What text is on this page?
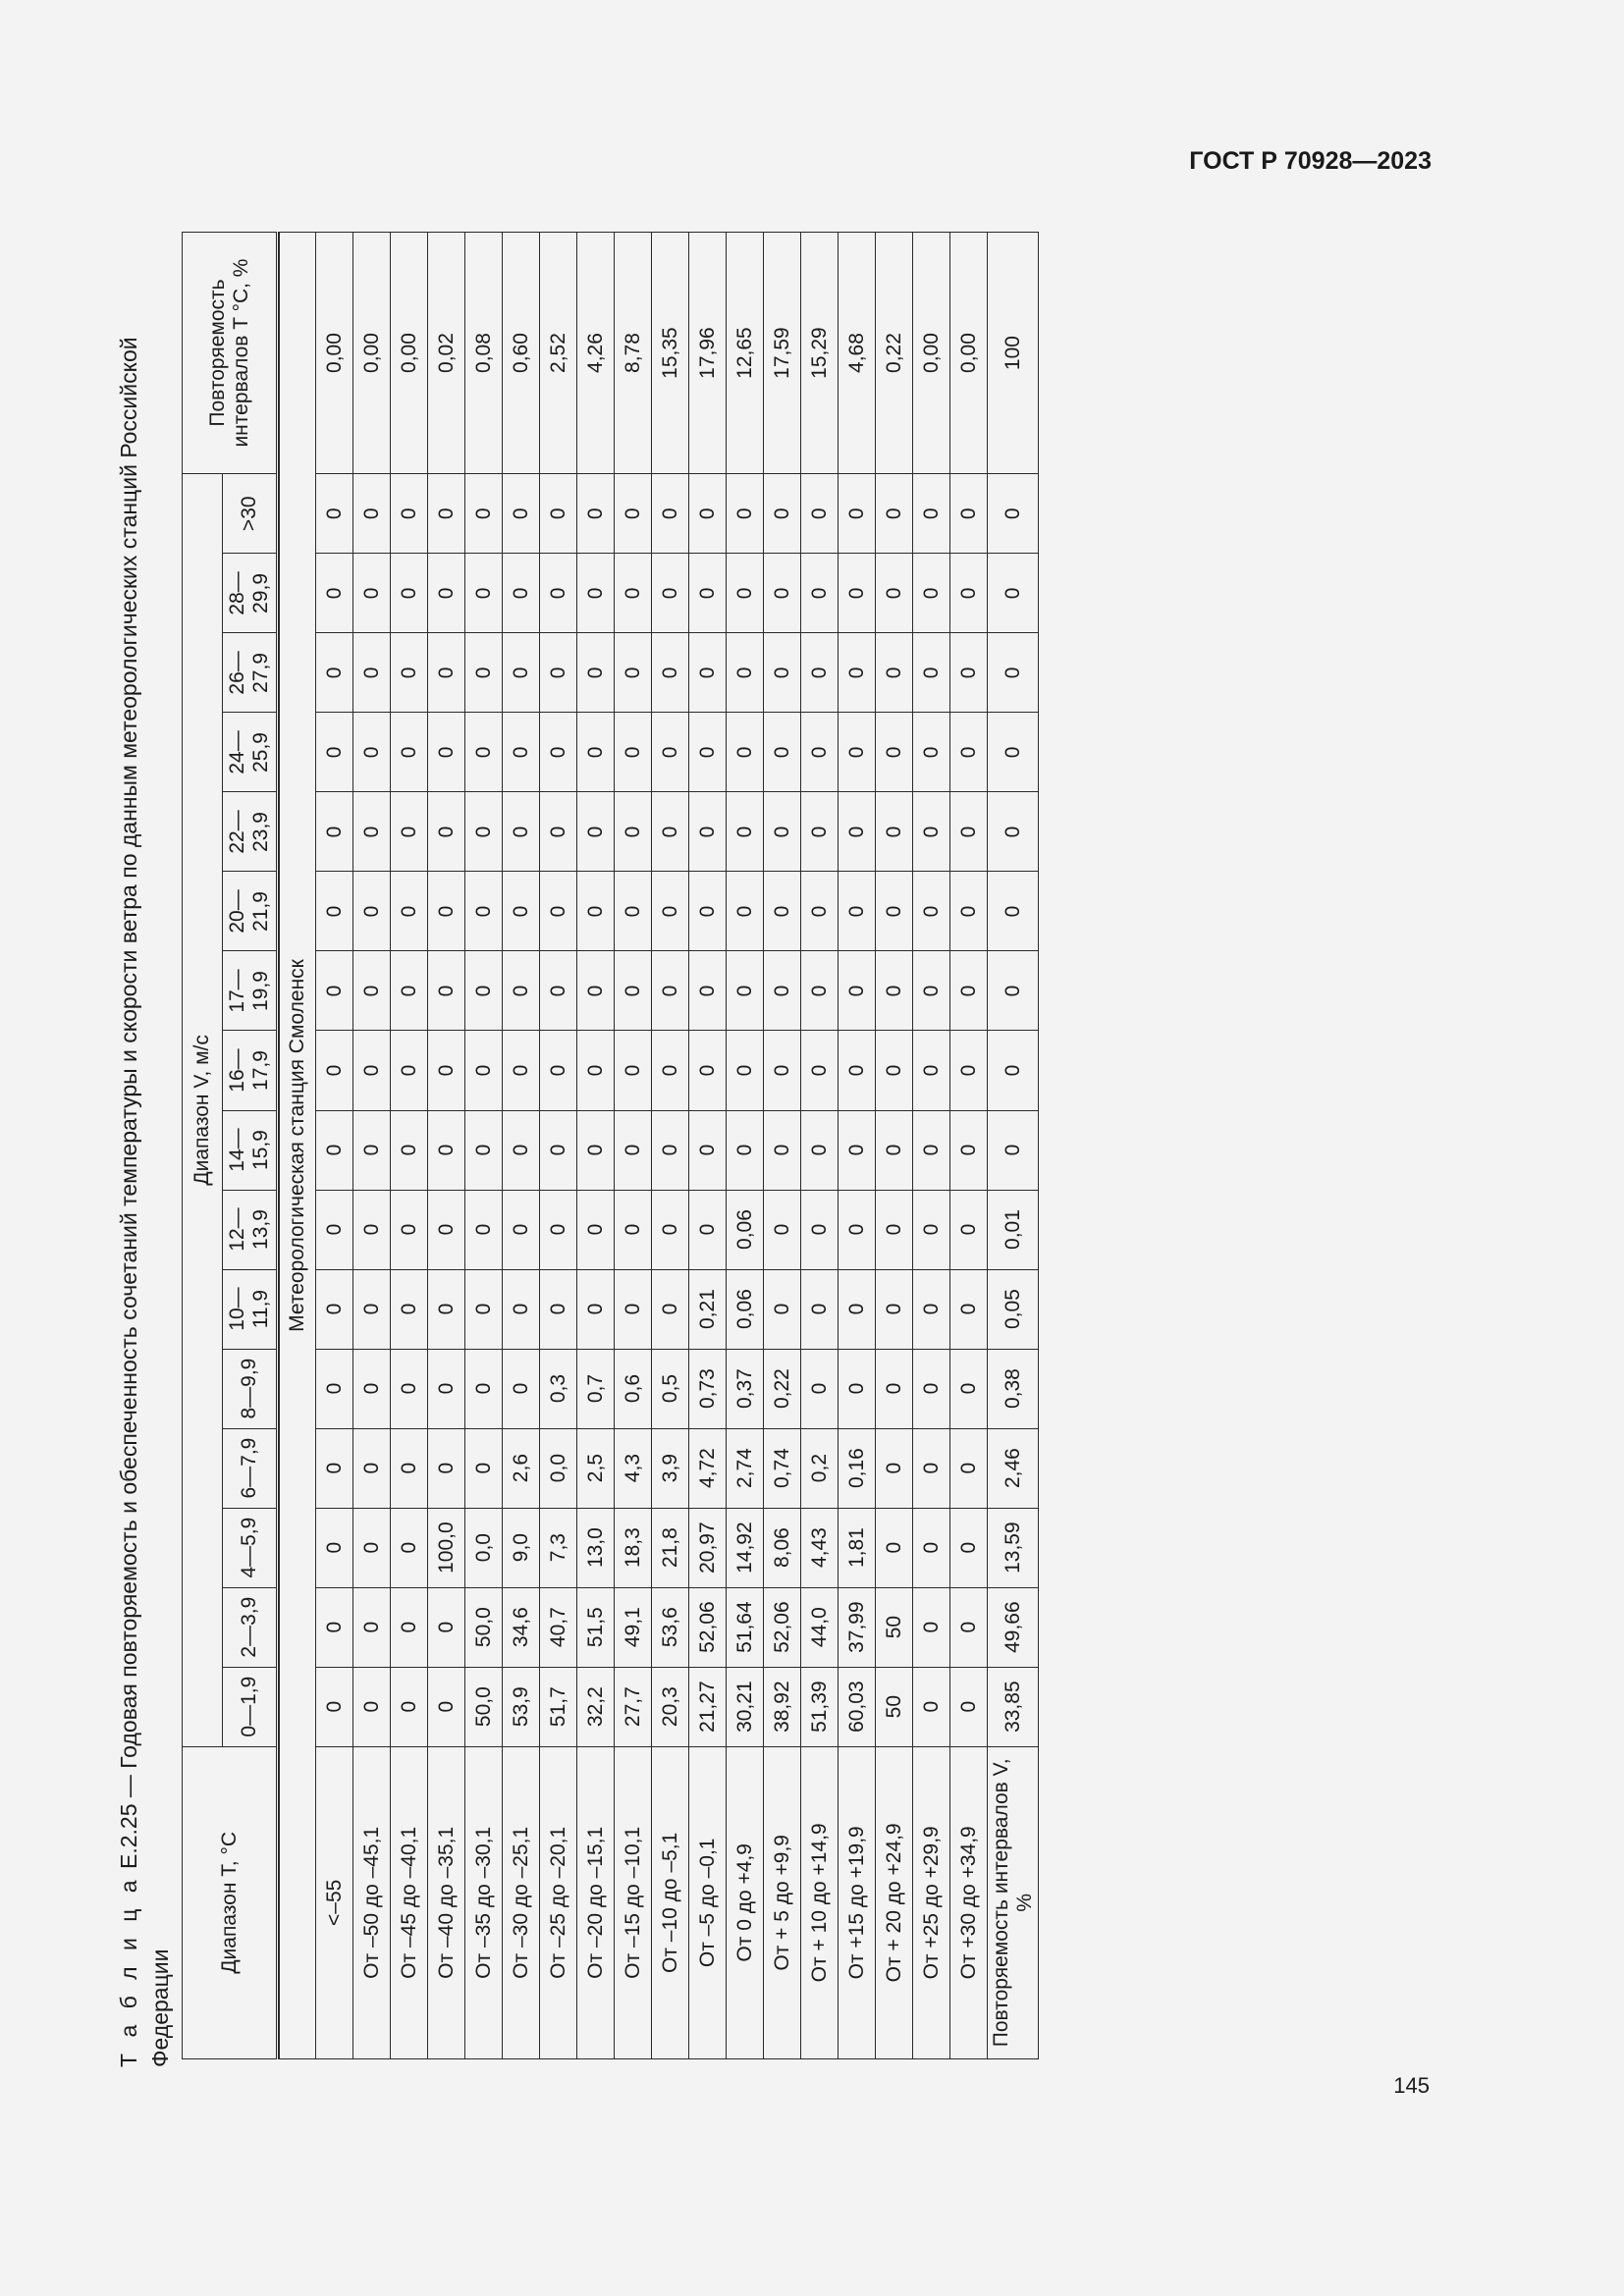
ГОСТ Р 70928—2023
Т а б л и ц а Е.2.25 — Годовая повторяемость и обеспеченность сочетаний температуры и скорости ветра по данным метеорологических станций Российской Федерации
Диапазон T, °С	Диапазон V, м/с																Повторяемость интервалов T °С, %
	0—1,9	2—3,9	4—5,9	6—7,9	8—9,9	10—11,9	12—13,9	14—15,9	16—17,9	17—19,9	20—21,9	22—23,9	24—25,9	26—27,9	28—29,9	>30	

Метеорологическая станция Смоленск																	
<–55	0	0	0	0	0	0	0	0	0	0	0	0	0	0	0	0	0,00
От –50 до –45,1	0	0	0	0	0	0	0	0	0	0	0	0	0	0	0	0	0,00
От –45 до –40,1	0	0	0	0	0	0	0	0	0	0	0	0	0	0	0	0	0,00
От –40 до –35,1	0	0	100,0	0	0	0	0	0	0	0	0	0	0	0	0	0	0,02
От –35 до –30,1	50,0	50,0	0,0	0	0	0	0	0	0	0	0	0	0	0	0	0	0,08
От –30 до –25,1	53,9	34,6	9,0	2,6	0	0	0	0	0	0	0	0	0	0	0	0	0,60
От –25 до –20,1	51,7	40,7	7,3	0,0	0,3	0	0	0	0	0	0	0	0	0	0	0	2,52
От –20 до –15,1	32,2	51,5	13,0	2,5	0,7	0	0	0	0	0	0	0	0	0	0	0	4,26
От –15 до –10,1	27,7	49,1	18,3	4,3	0,6	0	0	0	0	0	0	0	0	0	0	0	8,78
От –10 до –5,1	20,3	53,6	21,8	3,9	0,5	0	0	0	0	0	0	0	0	0	0	0	15,35
От –5 до –0,1	21,27	52,06	20,97	4,72	0,73	0,21	0	0	0	0	0	0	0	0	0	0	17,96
От 0 до +4,9	30,21	51,64	14,92	2,74	0,37	0,06	0,06	0	0	0	0	0	0	0	0	0	12,65
От + 5 до +9,9	38,92	52,06	8,06	0,74	0,22	0	0	0	0	0	0	0	0	0	0	0	17,59
От + 10 до +14,9	51,39	44,0	4,43	0,2	0	0	0	0	0	0	0	0	0	0	0	0	15,29
От +15 до +19,9	60,03	37,99	1,81	0,16	0	0	0	0	0	0	0	0	0	0	0	0	4,68
От + 20 до +24,9	50	50	0	0	0	0	0	0	0	0	0	0	0	0	0	0	0,22
От +25 до +29,9	0	0	0	0	0	0	0	0	0	0	0	0	0	0	0	0	0,00
От +30 до +34,9	0	0	0	0	0	0	0	0	0	0	0	0	0	0	0	0	0,00
Повторяемость интервалов V, %	33,85	49,66	13,59	2,46	0,38	0,05	0,01	0	0	0	0	0	0	0	0	0	100
145
